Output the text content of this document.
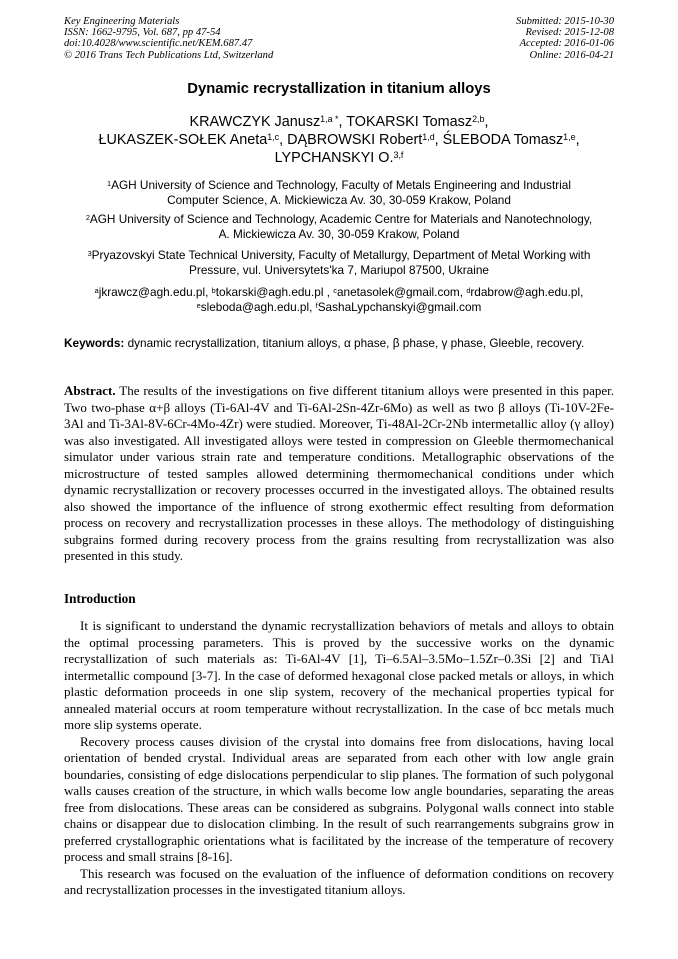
Key Engineering Materials
ISSN: 1662-9795, Vol. 687, pp 47-54
doi:10.4028/www.scientific.net/KEM.687.47
© 2016 Trans Tech Publications Ltd, Switzerland
Submitted: 2015-10-30
Revised: 2015-12-08
Accepted: 2016-01-06
Online: 2016-04-21
Dynamic recrystallization in titanium alloys
KRAWCZYK Janusz$^{1,a *}$, TOKARSKI Tomasz$^{2,b}$,
ŁUKASZEK-SOŁEK Aneta$^{1,c}$, DĄBROWSKI Robert$^{1,d}$, ŚLEBODA Tomasz$^{1,e}$,
LYPCHANSKYI O.$^{3,f}$
$^1$AGH University of Science and Technology, Faculty of Metals Engineering and Industrial
Computer Science, A. Mickiewicza Av. 30, 30-059 Krakow, Poland
$^2$AGH University of Science and Technology, Academic Centre for Materials and Nanotechnology,
A. Mickiewicza Av. 30, 30-059 Krakow, Poland
$^3$Pryazovskyi State Technical University, Faculty of Metallurgy, Department of Metal Working with
Pressure, vul. Universytets'ka 7, Mariupol 87500, Ukraine
$^a$jkrawcz@agh.edu.pl, $^b$tokarski@agh.edu.pl , $^c$anetasolek@gmail.com, $^d$rdabrow@agh.edu.pl,
$^e$sleboda@agh.edu.pl, $^f$SashaLypchanskyi@gmail.com
Keywords: dynamic recrystallization, titanium alloys, α phase, β phase, γ phase, Gleeble, recovery.
Abstract. The results of the investigations on five different titanium alloys were presented in this paper. Two two-phase α+β alloys (Ti-6Al-4V and Ti-6Al-2Sn-4Zr-6Mo) as well as two β alloys (Ti-10V-2Fe-3Al and Ti-3Al-8V-6Cr-4Mo-4Zr) were studied. Moreover, Ti-48Al-2Cr-2Nb intermetallic alloy (γ alloy) was also investigated. All investigated alloys were tested in compression on Gleeble thermomechanical simulator under various strain rate and temperature conditions. Metallographic observations of the microstructure of tested samples allowed determining thermomechanical conditions under which dynamic recrystallization or recovery processes occurred in the investigated alloys. The obtained results also showed the importance of the influence of strong exothermic effect resulting from deformation process on recovery and recrystallization processes in these alloys. The methodology of distinguishing subgrains formed during recovery process from the grains resulting from recrystallization was also presented in this study.
Introduction

It is significant to understand the dynamic recrystallization behaviors of metals and alloys to obtain the optimal processing parameters. This is proved by the successive works on the dynamic recrystallization of such materials as: Ti-6Al-4V [1], Ti–6.5Al–3.5Mo–1.5Zr–0.3Si [2] and TiAl intermetallic compound [3-7]. In the case of deformed hexagonal close packed metals or alloys, in which plastic deformation proceeds in one slip system, recovery of the mechanical properties typical for annealed material occurs at room temperature without recrystallization. In the case of bcc metals much more slip systems operate.

Recovery process causes division of the crystal into domains free from dislocations, having local orientation of bended crystal. Individual areas are separated from each other with low angle grain boundaries, consisting of edge dislocations perpendicular to slip planes. The formation of such polygonal walls causes creation of the structure, in which walls become low angle boundaries, separating the areas free from dislocations. These areas can be considered as subgrains. Polygonal walls connect into stable chains or disappear due to dislocation climbing. In the result of such rearrangements subgrains grow in preferred crystallographic orientations what is facilitated by the increase of the temperature of recovery process and small strains [8-16].

This research was focused on the evaluation of the influence of deformation conditions on recovery and recrystallization processes in the investigated titanium alloys.
